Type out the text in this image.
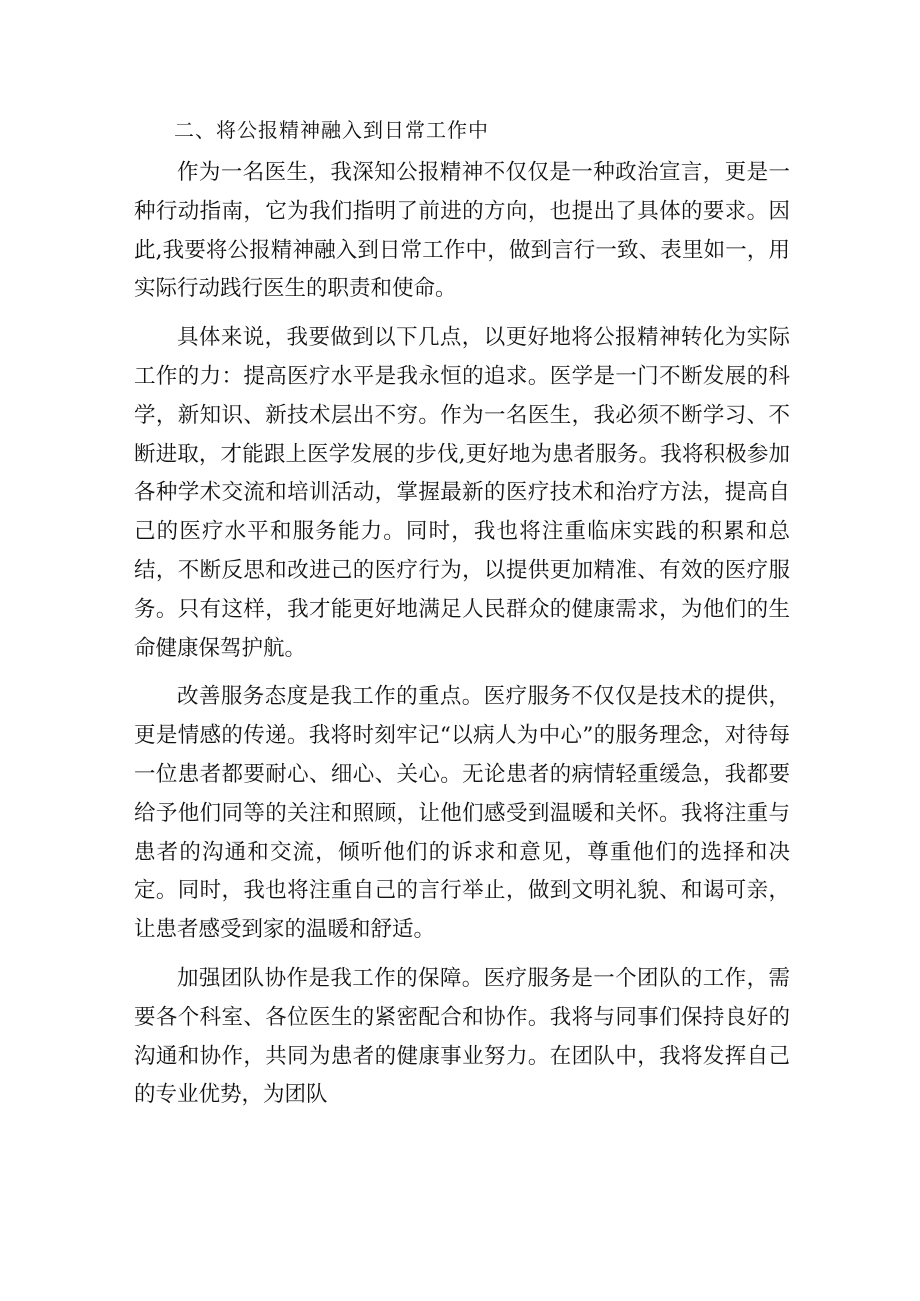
二、将公报精神融入到日常工作中

作为一名医生，我深知公报精神不仅仅是一种政治宣言，更是一种行动指南，它为我们指明了前进的方向，也提出了具体的要求。因此,我要将公报精神融入到日常工作中，做到言行一致、表里如一，用实际行动践行医生的职责和使命。

具体来说，我要做到以下几点，以更好地将公报精神转化为实际工作的力：提高医疗水平是我永恒的追求。医学是一门不断发展的科学，新知识、新技术层出不穷。作为一名医生，我必须不断学习、不断进取，才能跟上医学发展的步伐,更好地为患者服务。我将积极参加各种学术交流和培训活动，掌握最新的医疗技术和治疗方法，提高自己的医疗水平和服务能力。同时，我也将注重临床实践的积累和总结，不断反思和改进己的医疗行为，以提供更加精准、有效的医疗服务。只有这样，我才能更好地满足人民群众的健康需求，为他们的生命健康保驾护航。

改善服务态度是我工作的重点。医疗服务不仅仅是技术的提供，更是情感的传递。我将时刻牢记“以病人为中心”的服务理念，对待每一位患者都要耐心、细心、关心。无论患者的病情轻重缓急，我都要给予他们同等的关注和照顾，让他们感受到温暖和关怀。我将注重与患者的沟通和交流，倾听他们的诉求和意见，尊重他们的选择和决定。同时，我也将注重自己的言行举止，做到文明礼貌、和谒可亲，让患者感受到家的温暖和舒适。

加强团队协作是我工作的保障。医疗服务是一个团队的工作，需要各个科室、各位医生的紧密配合和协作。我将与同事们保持良好的沟通和协作，共同为患者的健康事业努力。在团队中，我将发挥自己的专业优势，为团队
